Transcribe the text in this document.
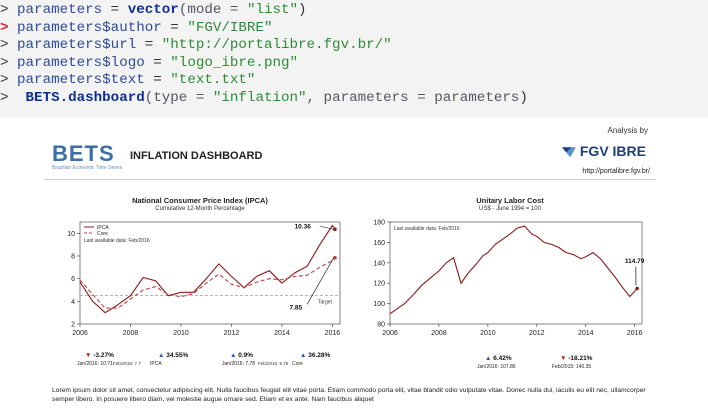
> parameters = vector(mode = "list")
> parameters$author = "FGV/IBRE"
> parameters$url = "http://portalibre.fgv.br/"
> parameters$logo = "logo_ibre.png"
> parameters$text = "text.txt"
>  BETS.dashboard(type = "inflation", parameters = parameters)
Analysis by
BETS
Brazilian Economic Time Series
INFLATION DASHBOARD	FGV IBRE
http://portalibre.fgv.br/
National Consumer Price Index (IPCA)
Cumulative 12-Month Percentage
2
4
6
8
10
2006	2008	2010	2012	2014	2016
Target
Last available data: Feb/2016
IPCA
Core
10.36
7.85
Unitary Labor Cost
US$ - June 1994 = 100
80
100
120
140
160
180
2006	2008	2010	2012	2014	2016
Last available data: Feb/2016
114.79
▼ -3.27%
Jan/2016: 10.71 Feb/2015: 7.7
▲ 34.55%
IPCA
▲ 0.9%
Jan/2016: 7.78 Feb/2015: 5.76
▲ 36.28%
Core
▲ 6.42%
Jan/2016: 107.86
▼ -18.21%
Feb/2015: 140.35
Lorem ipsum dolor sit amet, consectetur adipiscing elit. Nulla faucibus feugiat elit vitae porta. Etiam commodo porta elit, vitae blandit odio vulputate vitae. Donec nulla dui, iaculis eu elit nec, ullamcorper semper libero. In posuere libero diam, vel molestie augue ornare sed. Etiam et ex ante. Nam faucibus aliquet
